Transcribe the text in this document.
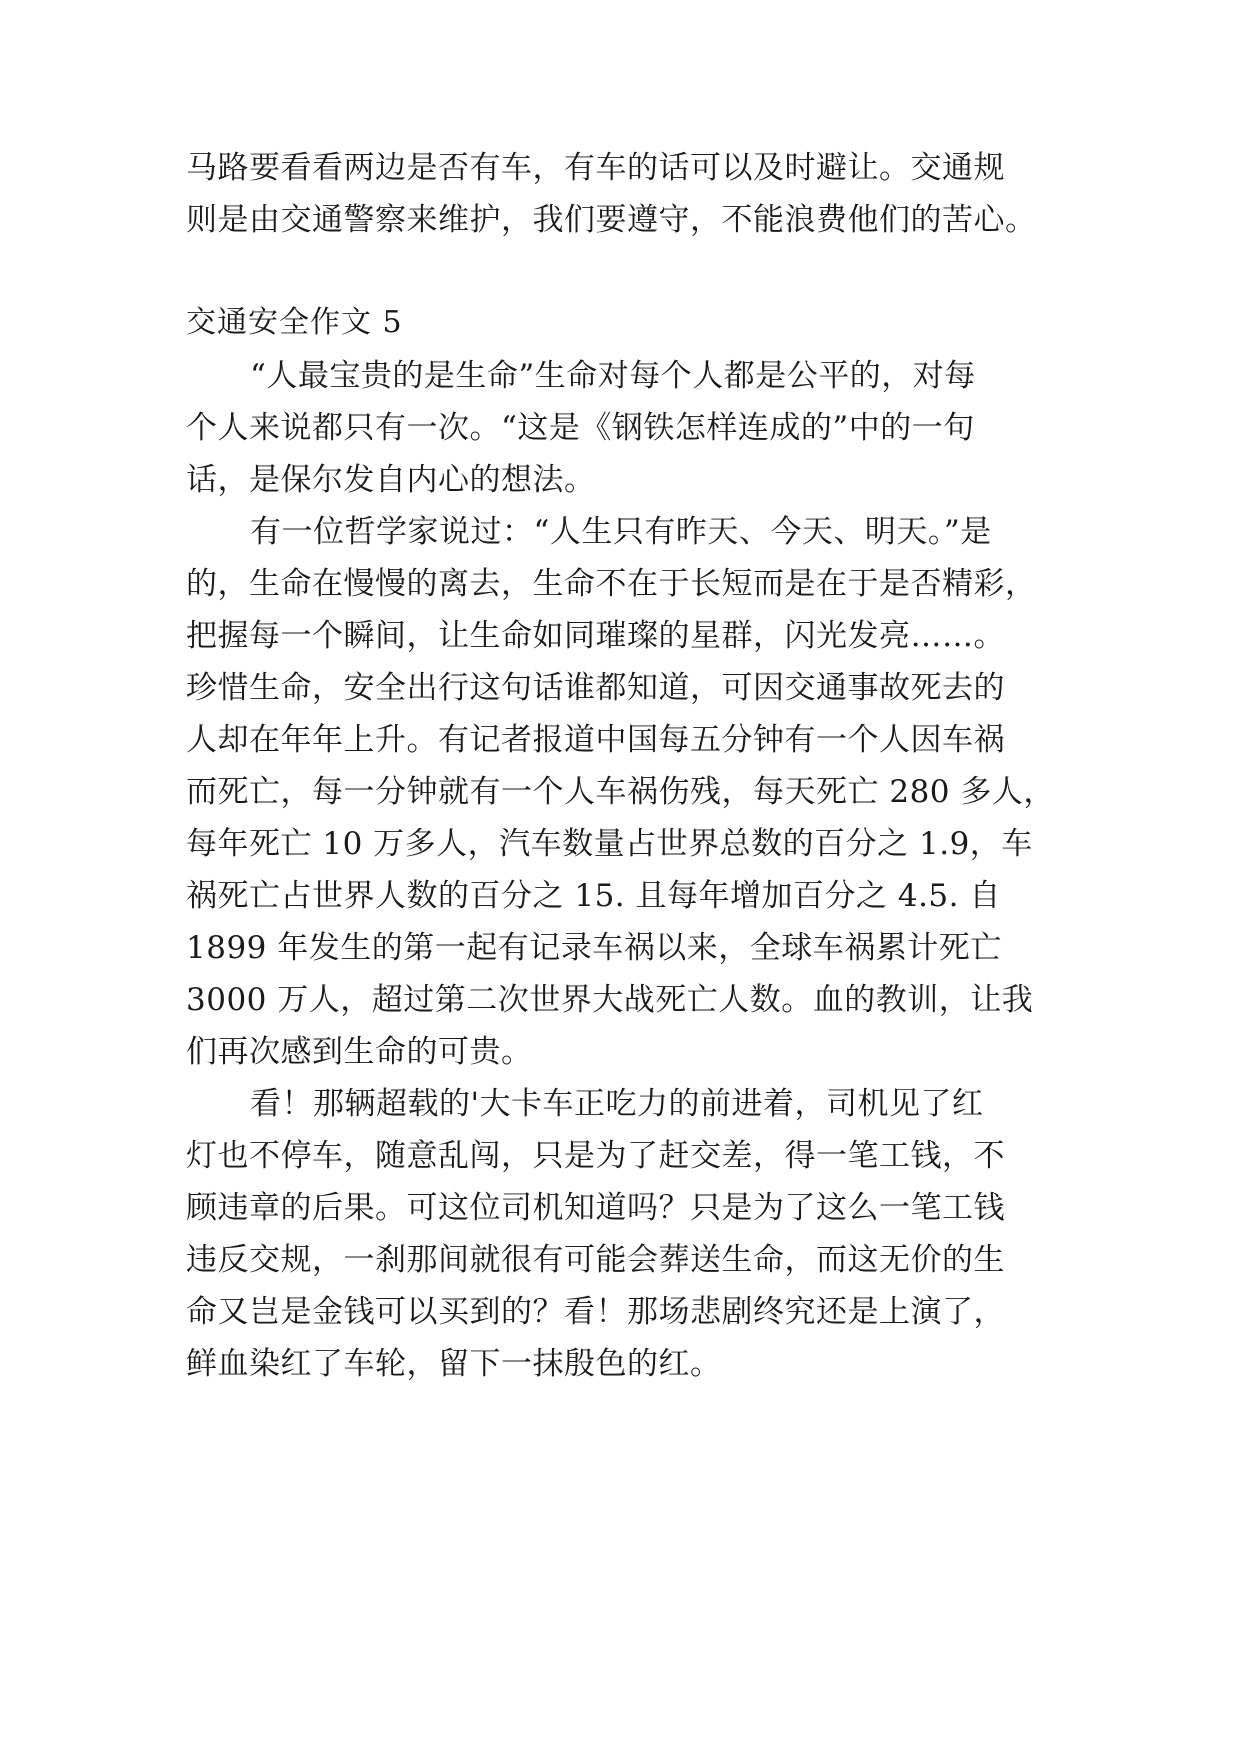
马路要看看两边是否有车，有车的话可以及时避让。交通规
则是由交通警察来维护，我们要遵守，不能浪费他们的苦心。
交通安全作文 5
“人最宝贵的是生命”生命对每个人都是公平的，对每
个人来说都只有一次。“这是《钢铁怎样连成的”中的一句
话，是保尔发自内心的想法。
有一位哲学家说过：“人生只有昨天、今天、明天。”是
的，生命在慢慢的离去，生命不在于长短而是在于是否精彩，
把握每一个瞬间，让生命如同璀璨的星群，闪光发亮……。
珍惜生命，安全出行这句话谁都知道，可因交通事故死去的
人却在年年上升。有记者报道中国每五分钟有一个人因车祸
而死亡，每一分钟就有一个人车祸伤残，每天死亡 280 多人，
每年死亡 10 万多人，汽车数量占世界总数的百分之 1.9，车
祸死亡占世界人数的百分之 15. 且每年增加百分之 4.5. 自
1899 年发生的第一起有记录车祸以来，全球车祸累计死亡
3000 万人，超过第二次世界大战死亡人数。血的教训，让我
们再次感到生命的可贵。
看！那辆超载的'大卡车正吃力的前进着，司机见了红
灯也不停车，随意乱闯，只是为了赶交差，得一笔工钱，不
顾违章的后果。可这位司机知道吗？只是为了这么一笔工钱
违反交规，一刹那间就很有可能会葬送生命，而这无价的生
命又岂是金钱可以买到的？看！那场悲剧终究还是上演了，
鲜血染红了车轮，留下一抹殷色的红。
